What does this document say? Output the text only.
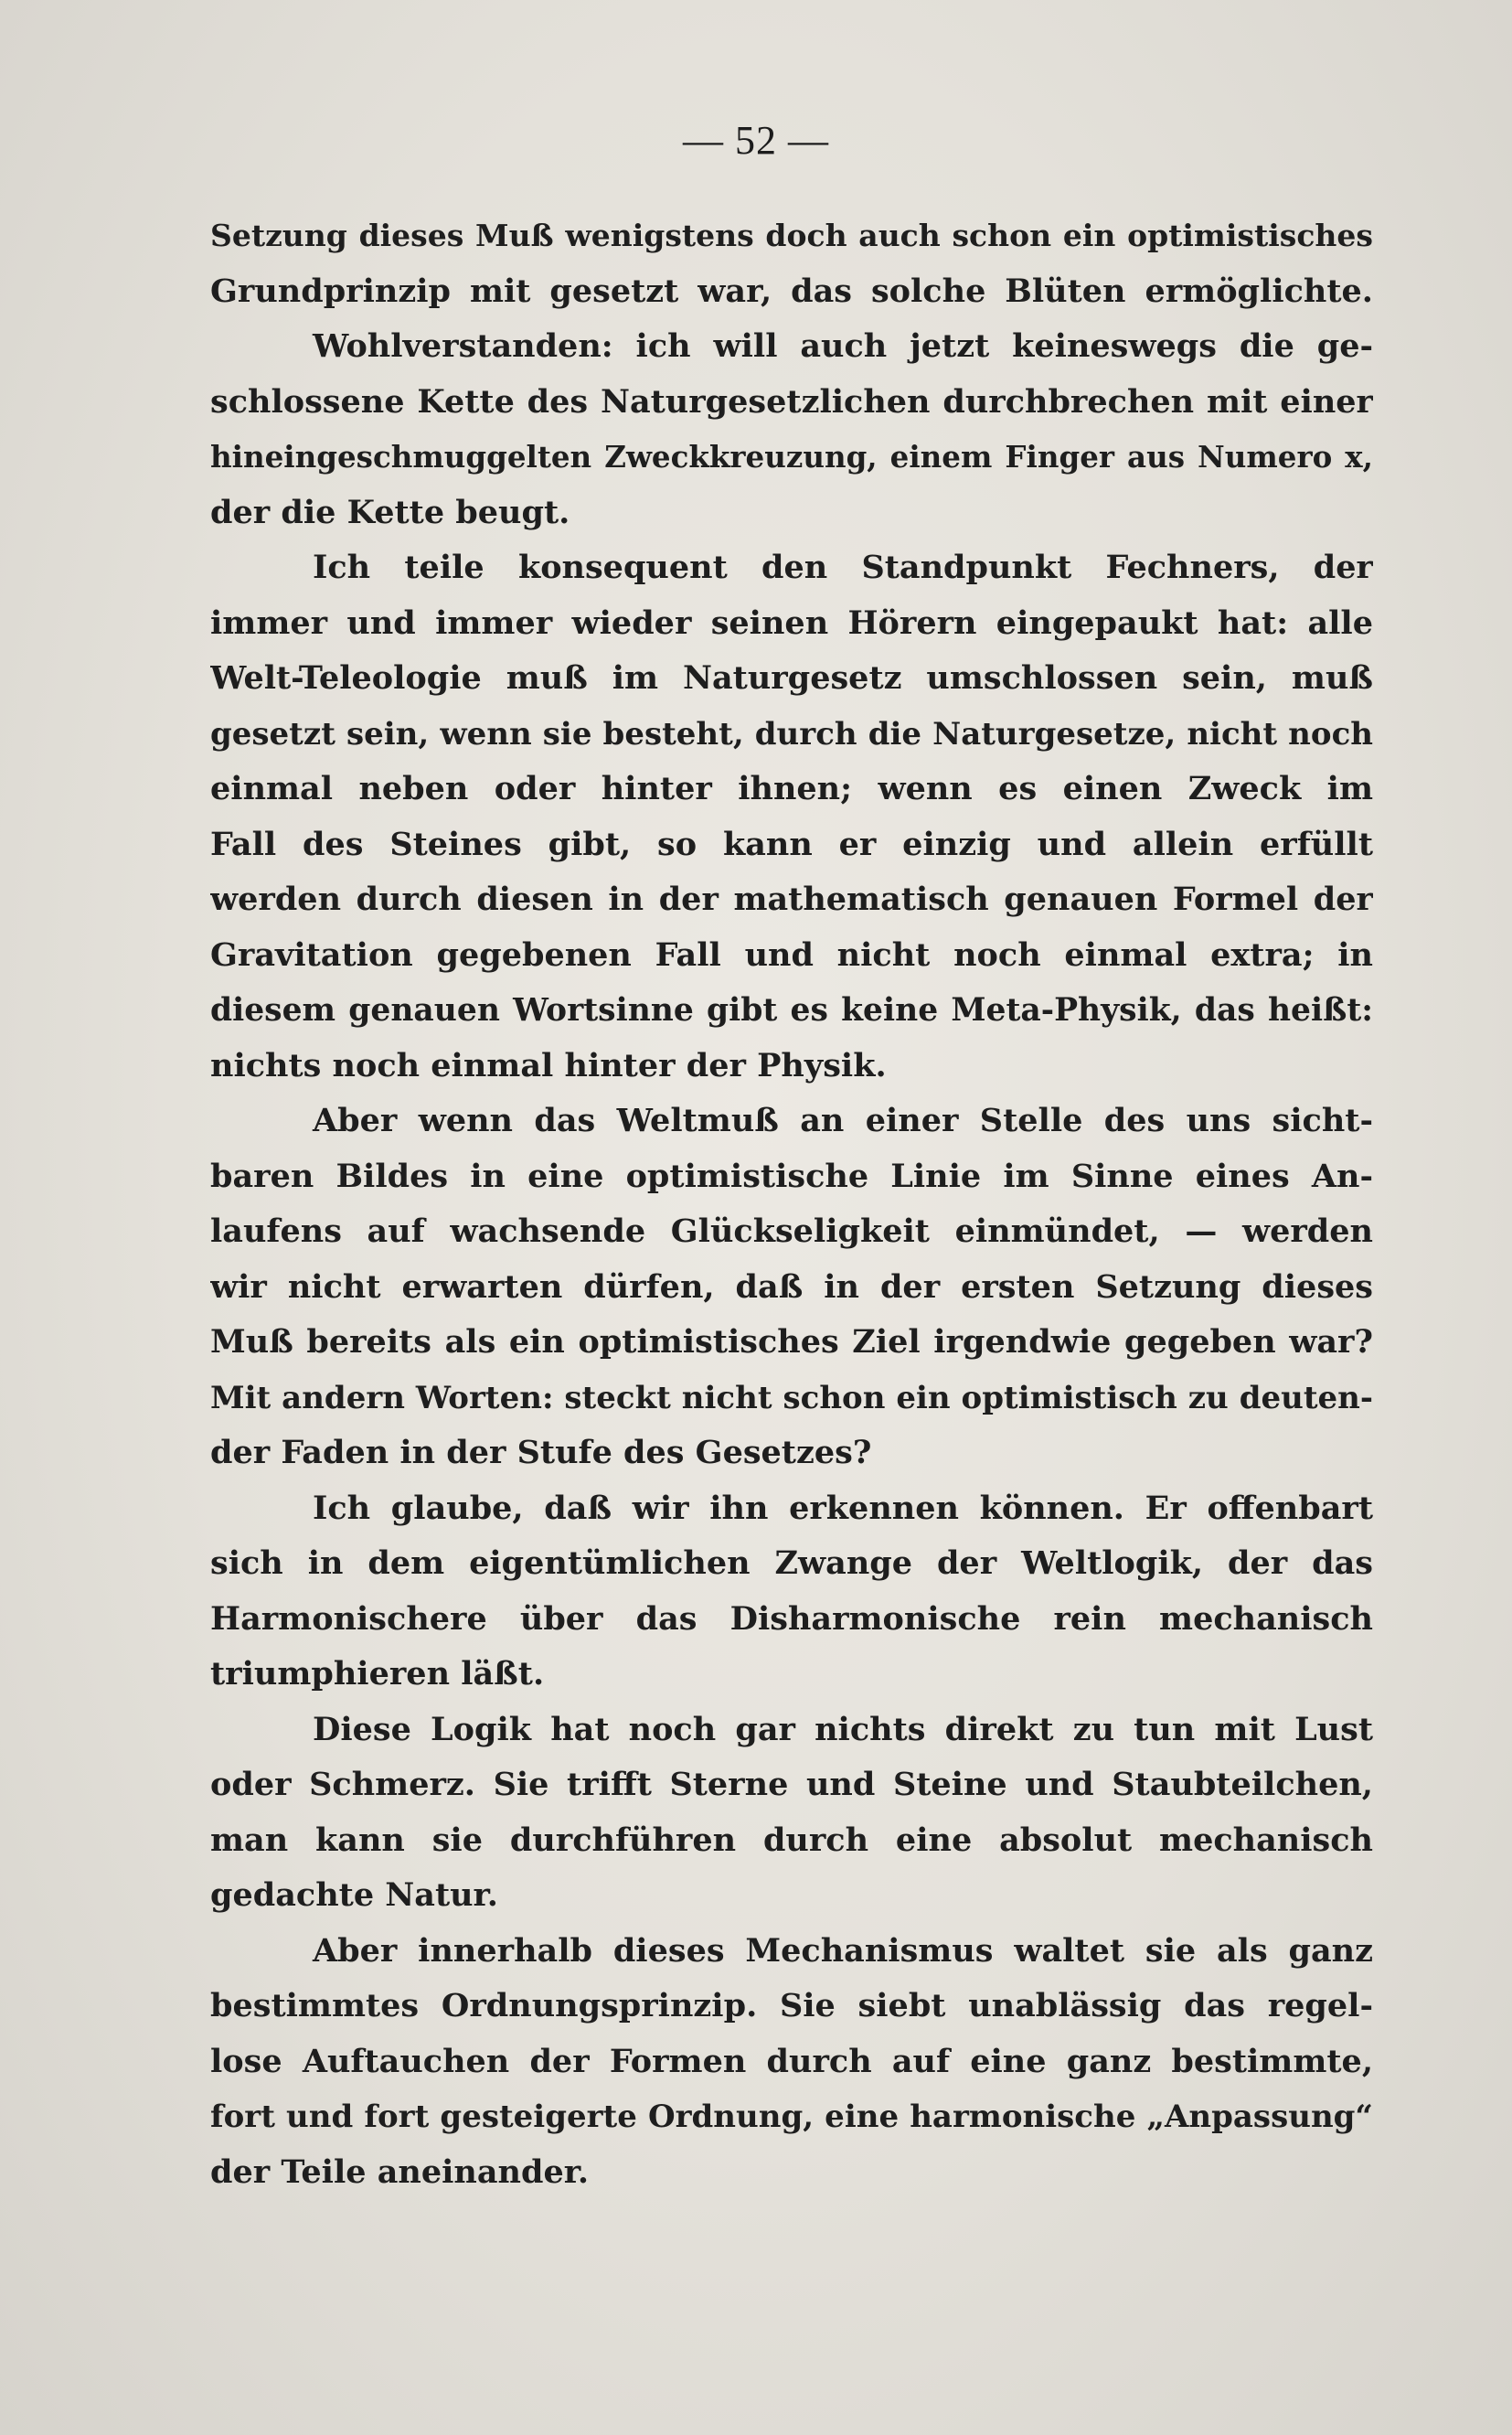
— 52 —
Setzung dieses Muß wenigstens doch auch schon ein optimistisches
Grundprinzip mit gesetzt war, das solche Blüten ermöglichte.
Wohlverstanden: ich will auch jetzt keineswegs die ge-
schlossene Kette des Naturgesetzlichen durchbrechen mit einer
hineingeschmuggelten Zweckkreuzung, einem Finger aus Numero x,
der die Kette beugt.
Ich teile konsequent den Standpunkt Fechners, der
immer und immer wieder seinen Hörern eingepaukt hat: alle
Welt-Teleologie muß im Naturgesetz umschlossen sein, muß
gesetzt sein, wenn sie besteht, durch die Naturgesetze, nicht noch
einmal neben oder hinter ihnen; wenn es einen Zweck im
Fall des Steines gibt, so kann er einzig und allein erfüllt
werden durch diesen in der mathematisch genauen Formel der
Gravitation gegebenen Fall und nicht noch einmal extra; in
diesem genauen Wortsinne gibt es keine Meta-Physik, das heißt:
nichts noch einmal hinter der Physik.
Aber wenn das Weltmuß an einer Stelle des uns sicht-
baren Bildes in eine optimistische Linie im Sinne eines An-
laufens auf wachsende Glückseligkeit einmündet, — werden
wir nicht erwarten dürfen, daß in der ersten Setzung dieses
Muß bereits als ein optimistisches Ziel irgendwie gegeben war?
Mit andern Worten: steckt nicht schon ein optimistisch zu deuten-
der Faden in der Stufe des Gesetzes?
Ich glaube, daß wir ihn erkennen können. Er offenbart
sich in dem eigentümlichen Zwange der Weltlogik, der das
Harmonischere über das Disharmonische rein mechanisch
triumphieren läßt.
Diese Logik hat noch gar nichts direkt zu tun mit Lust
oder Schmerz. Sie trifft Sterne und Steine und Staubteilchen,
man kann sie durchführen durch eine absolut mechanisch
gedachte Natur.
Aber innerhalb dieses Mechanismus waltet sie als ganz
bestimmtes Ordnungsprinzip. Sie siebt unablässig das regel-
lose Auftauchen der Formen durch auf eine ganz bestimmte,
fort und fort gesteigerte Ordnung, eine harmonische „Anpassung“
der Teile aneinander.
